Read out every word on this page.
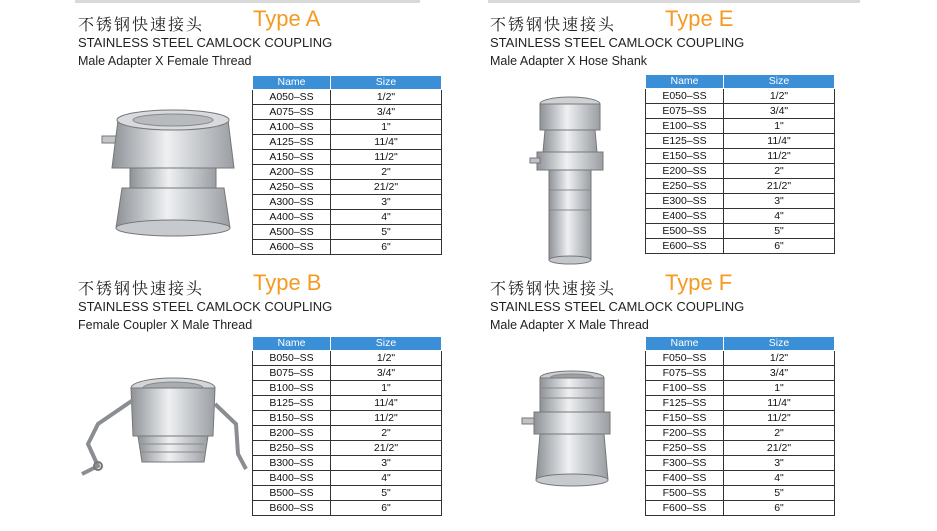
不锈钢快速接头 Type A
STAINLESS STEEL CAMLOCK COUPLING
Male Adapter X Female Thread
Name	Size
A050–SS	1/2"
A075–SS	3/4"
A100–SS	1"
A125–SS	11/4"
A150–SS	11/2"
A200–SS	2"
A250–SS	21/2"
A300–SS	3"
A400–SS	4"
A500–SS	5"
A600–SS	6"
不锈钢快速接头 Type E
STAINLESS STEEL CAMLOCK COUPLING
Male Adapter X Hose Shank
Name	Size
E050–SS	1/2"
E075–SS	3/4"
E100–SS	1"
E125–SS	11/4"
E150–SS	11/2"
E200–SS	2"
E250–SS	21/2"
E300–SS	3"
E400–SS	4"
E500–SS	5"
E600–SS	6"
不锈钢快速接头 Type B
STAINLESS STEEL CAMLOCK COUPLING
Female Coupler X Male Thread
Name	Size
B050–SS	1/2"
B075–SS	3/4"
B100–SS	1"
B125–SS	11/4"
B150–SS	11/2"
B200–SS	2"
B250–SS	21/2"
B300–SS	3"
B400–SS	4"
B500–SS	5"
B600–SS	6"
不锈钢快速接头 Type F
STAINLESS STEEL CAMLOCK COUPLING
Male Adapter X Male Thread
Name	Size
F050–SS	1/2"
F075–SS	3/4"
F100–SS	1"
F125–SS	11/4"
F150–SS	11/2"
F200–SS	2"
F250–SS	21/2"
F300–SS	3"
F400–SS	4"
F500–SS	5"
F600–SS	6"
